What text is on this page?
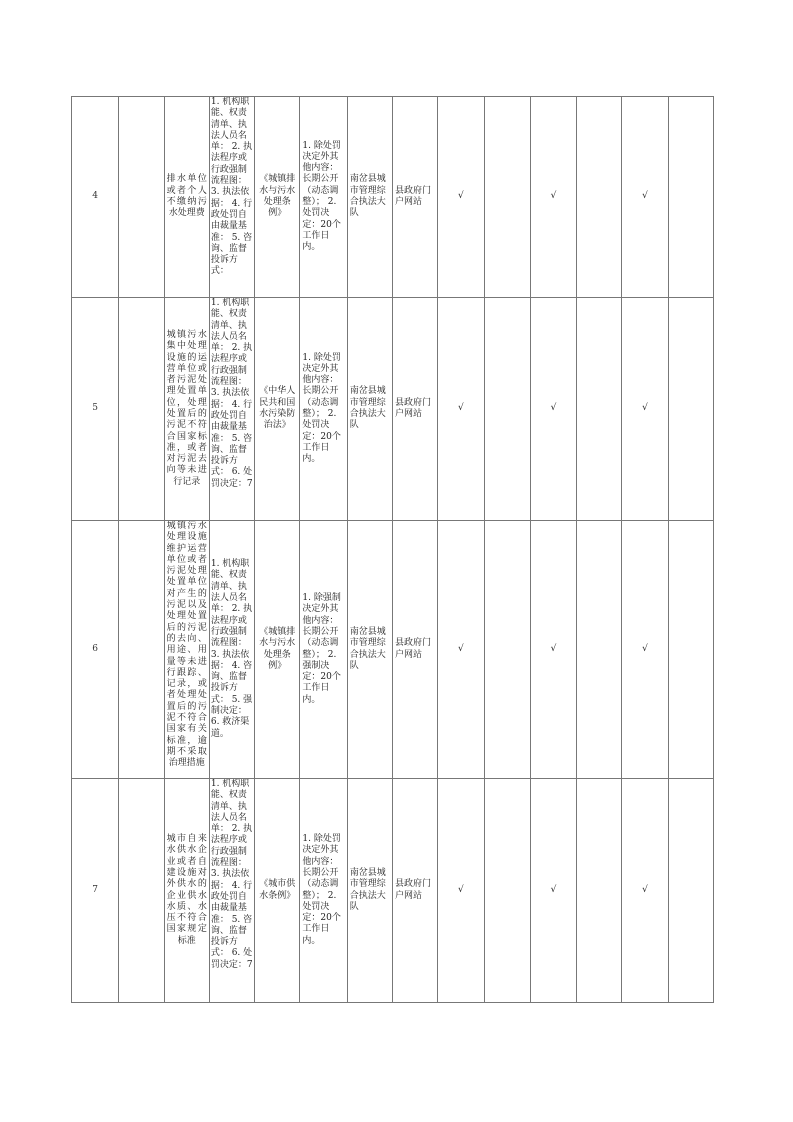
4		排水单位或者个人不缴纳污水处理费	1. 机构职能、权责清单、执法人员名单： 2. 执法程序或行政强制流程图： 3. 执法依据： 4. 行政处罚自由裁量基准： 5. 咨询、监督投诉方式：	《城镇排水与污水处理条例》	1. 除处罚决定外其他内容：长期公开（动态调整）； 2. 处罚决定：20个工作日内。	南岔县城市管理综合执法大队	县政府门户网站	√		√		√	

5		城镇污水集中处理设施的运营单位或者污泥处理处置单位，处理处置后的污泥不符合国家标准，或者对污泥去向等未进行记录	1. 机构职能、权责清单、执法人员名单： 2. 执法程序或行政强制流程图： 3. 执法依据： 4. 行政处罚自由裁量基准： 5. 咨询、监督投诉方式： 6. 处罚决定：7	《中华人民共和国水污染防治法》	1. 除处罚决定外其他内容：长期公开（动态调整）； 2. 处罚决定：20个工作日内。	南岔县城市管理综合执法大队	县政府门户网站	√		√		√	

6		城镇污水处理设施维护运营单位或者污泥处理处置单位对产生的污泥以及处理处置后的污泥的去向、用途、用量等未进行跟踪、记录，或者处理处置后的污泥不符合国家有关标准，逾期不采取治理措施	1. 机构职能、权责清单、执法人员名单： 2. 执法程序或行政强制流程图： 3. 执法依据： 4. 咨询、监督投诉方式： 5. 强制决定： 6. 救济渠道。	《城镇排水与污水处理条例》	1. 除强制决定外其他内容：长期公开（动态调整）； 2. 强制决定：20个工作日内。	南岔县城市管理综合执法大队	县政府门户网站	√		√		√	

7		城市自来水供水企业或者自建设施对外供水的企业供水水质、水压不符合国家规定标准	1. 机构职能、权责清单、执法人员名单： 2. 执法程序或行政强制流程图： 3. 执法依据： 4. 行政处罚自由裁量基准： 5. 咨询、监督投诉方式： 6. 处罚决定：7	《城市供水条例》	1. 除处罚决定外其他内容：长期公开（动态调整）； 2. 处罚决定：20个工作日内。	南岔县城市管理综合执法大队	县政府门户网站	√		√		√	
